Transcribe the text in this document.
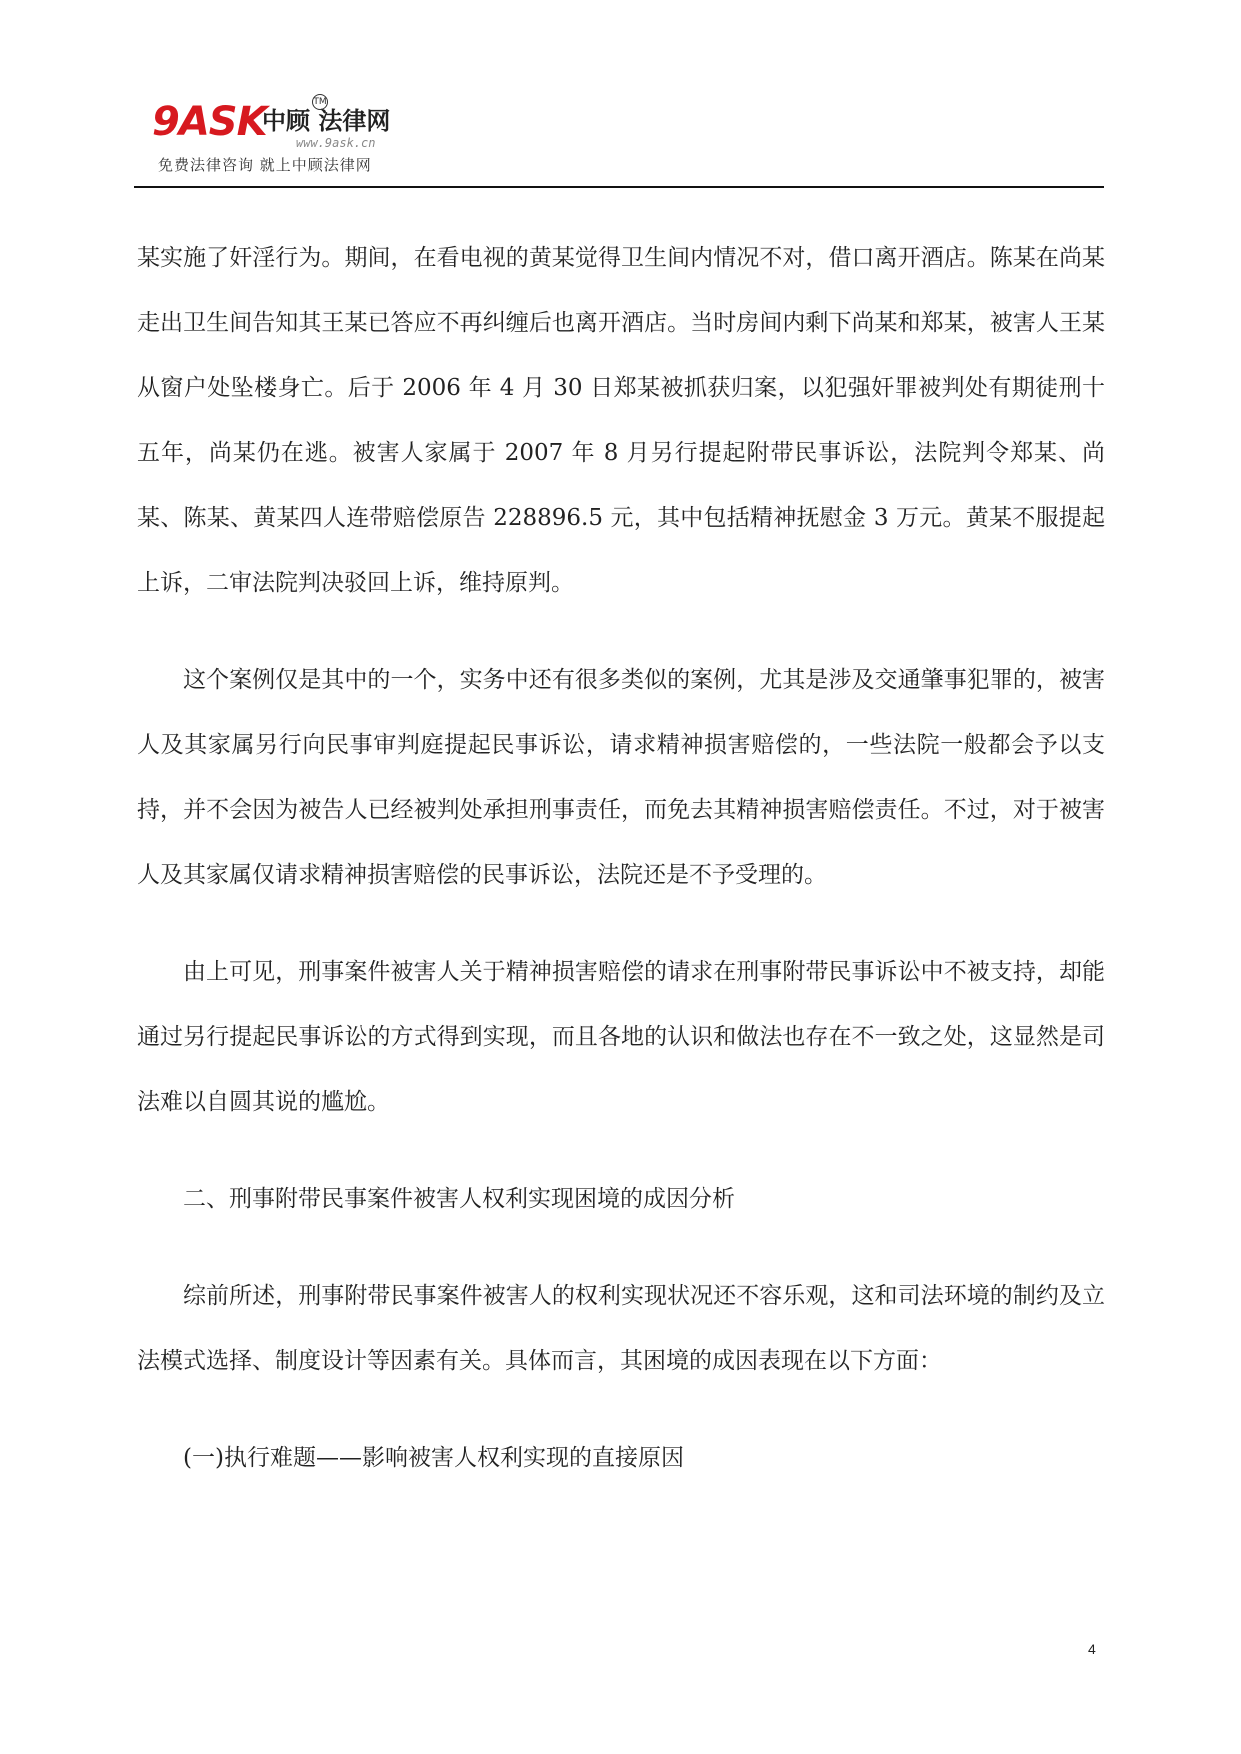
9ASK
中顾 法律网
TM
www.9ask.cn
免费法律咨询 就上中顾法律网

某实施了奸淫行为。期间，在看电视的黄某觉得卫生间内情况不对，借口离开酒店。陈某在尚某走出卫生间告知其王某已答应不再纠缠后也离开酒店。当时房间内剩下尚某和郑某，被害人王某从窗户处坠楼身亡。后于 2006 年 4 月 30 日郑某被抓获归案，以犯强奸罪被判处有期徒刑十五年，尚某仍在逃。被害人家属于 2007 年 8 月另行提起附带民事诉讼，法院判令郑某、尚某、陈某、黄某四人连带赔偿原告 228896.5 元，其中包括精神抚慰金 3 万元。黄某不服提起上诉，二审法院判决驳回上诉，维持原判。

这个案例仅是其中的一个，实务中还有很多类似的案例，尤其是涉及交通肇事犯罪的，被害人及其家属另行向民事审判庭提起民事诉讼，请求精神损害赔偿的，一些法院一般都会予以支持，并不会因为被告人已经被判处承担刑事责任，而免去其精神损害赔偿责任。不过，对于被害人及其家属仅请求精神损害赔偿的民事诉讼，法院还是不予受理的。

由上可见，刑事案件被害人关于精神损害赔偿的请求在刑事附带民事诉讼中不被支持，却能通过另行提起民事诉讼的方式得到实现，而且各地的认识和做法也存在不一致之处，这显然是司法难以自圆其说的尴尬。

二、刑事附带民事案件被害人权利实现困境的成因分析

综前所述，刑事附带民事案件被害人的权利实现状况还不容乐观，这和司法环境的制约及立法模式选择、制度设计等因素有关。具体而言，其困境的成因表现在以下方面：

(一)执行难题——影响被害人权利实现的直接原因

4
